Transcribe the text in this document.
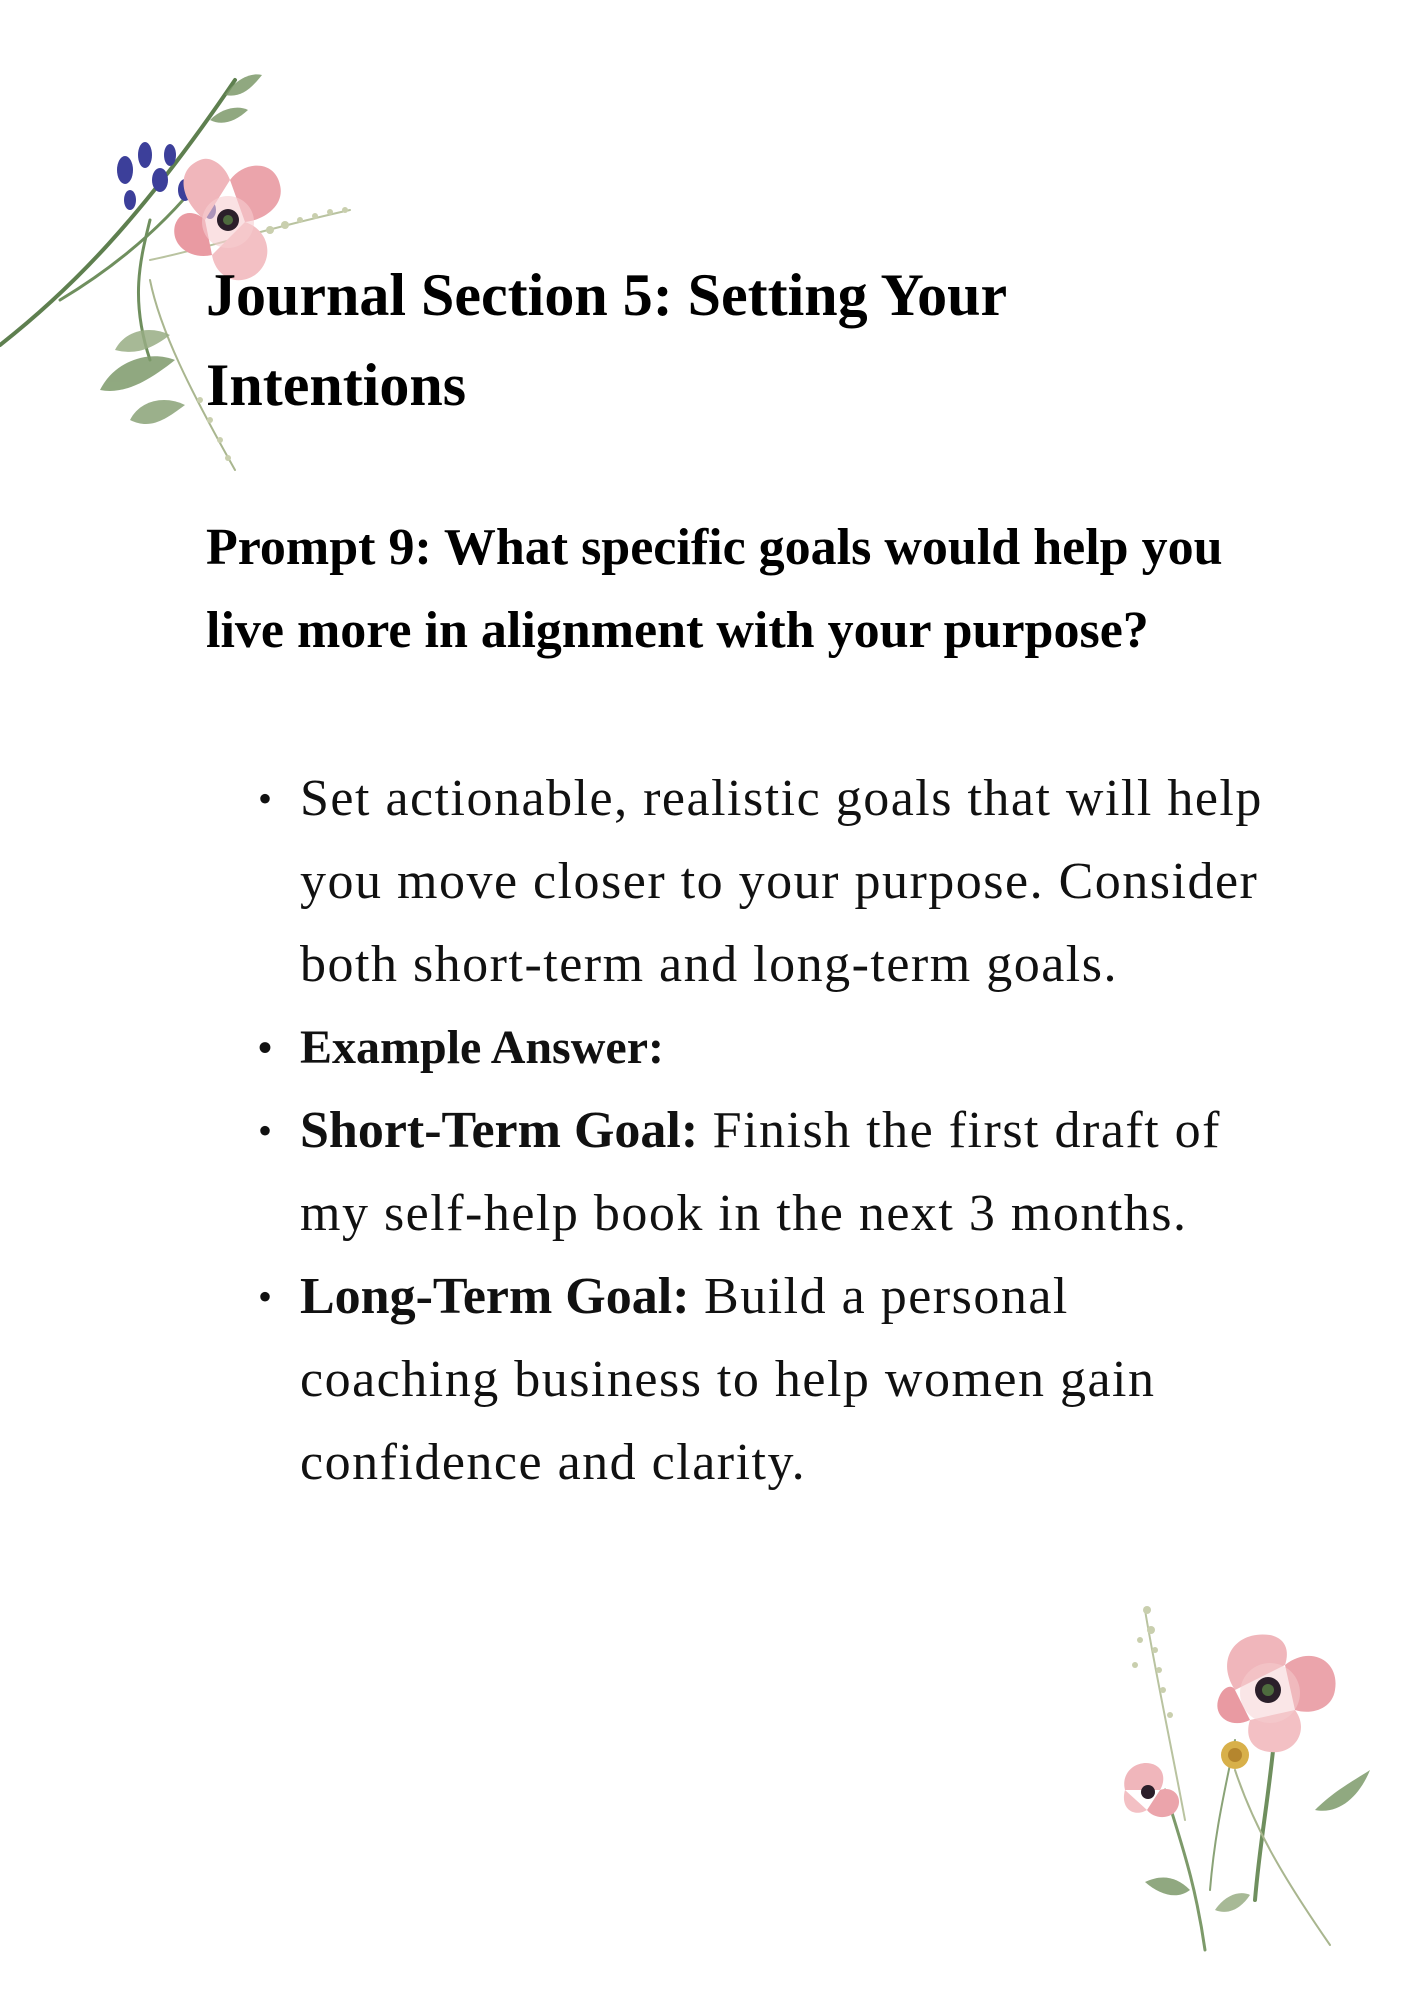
Journal Section 5: Setting Your Intentions
Prompt 9: What specific goals would help you live more in alignment with your purpose?
• Set actionable, realistic goals that will help you move closer to your purpose. Consider both short-term and long-term goals.
• Example Answer:
• Short-Term Goal: Finish the first draft of my self-help book in the next 3 months.
• Long-Term Goal: Build a personal coaching business to help women gain confidence and clarity.
